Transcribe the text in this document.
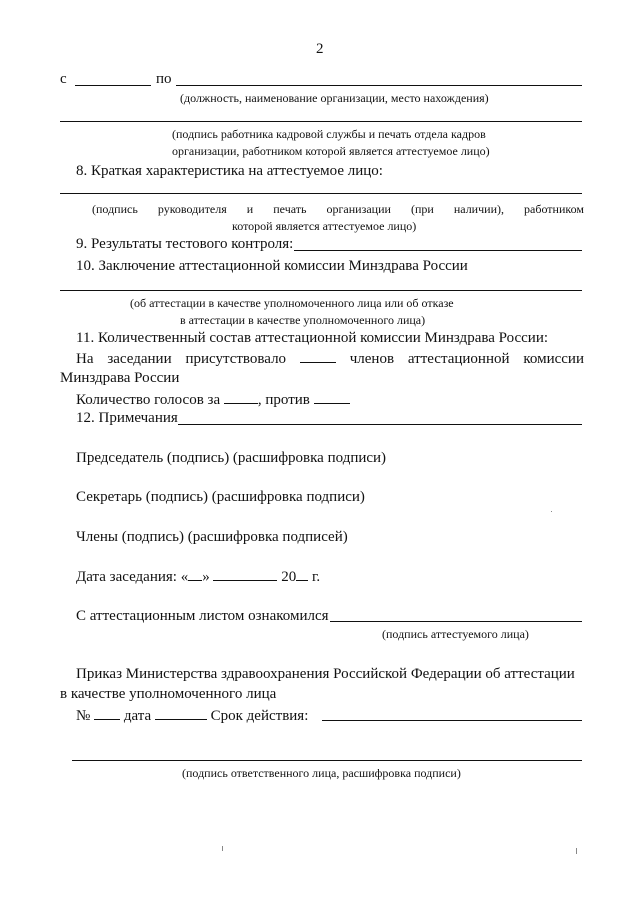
2
с	по
(должность, наименование организации, место нахождения)
(подпись работника кадровой службы и печать отдела кадров
организации, работником которой является аттестуемое лицо)
8. Краткая характеристика на аттестуемое лицо:
(подпись руководителя и печать организации (при наличии), работником
которой является аттестуемое лицо)
9. Результаты тестового контроля:
10. Заключение аттестационной комиссии Минздрава России
(об аттестации в качестве уполномоченного лица или об отказе
в аттестации в качестве уполномоченного лица)
11. Количественный состав аттестационной комиссии Минздрава России:
На заседании присутствовало	членов аттестационной комиссии
Минздрава России
Количество голосов за	, против
12. Примечания
Председатель (подпись) (расшифровка подписи)
Секретарь (подпись) (расшифровка подписи)
Члены (подпись) (расшифровка подписей)
Дата заседания: « »	20 г.
С аттестационным листом ознакомился
(подпись аттестуемого лица)
Приказ Министерства здравоохранения Российской Федерации об аттестации
в качестве уполномоченного лица
№ дата	Срок действия:
(подпись ответственного лица, расшифровка подписи)
